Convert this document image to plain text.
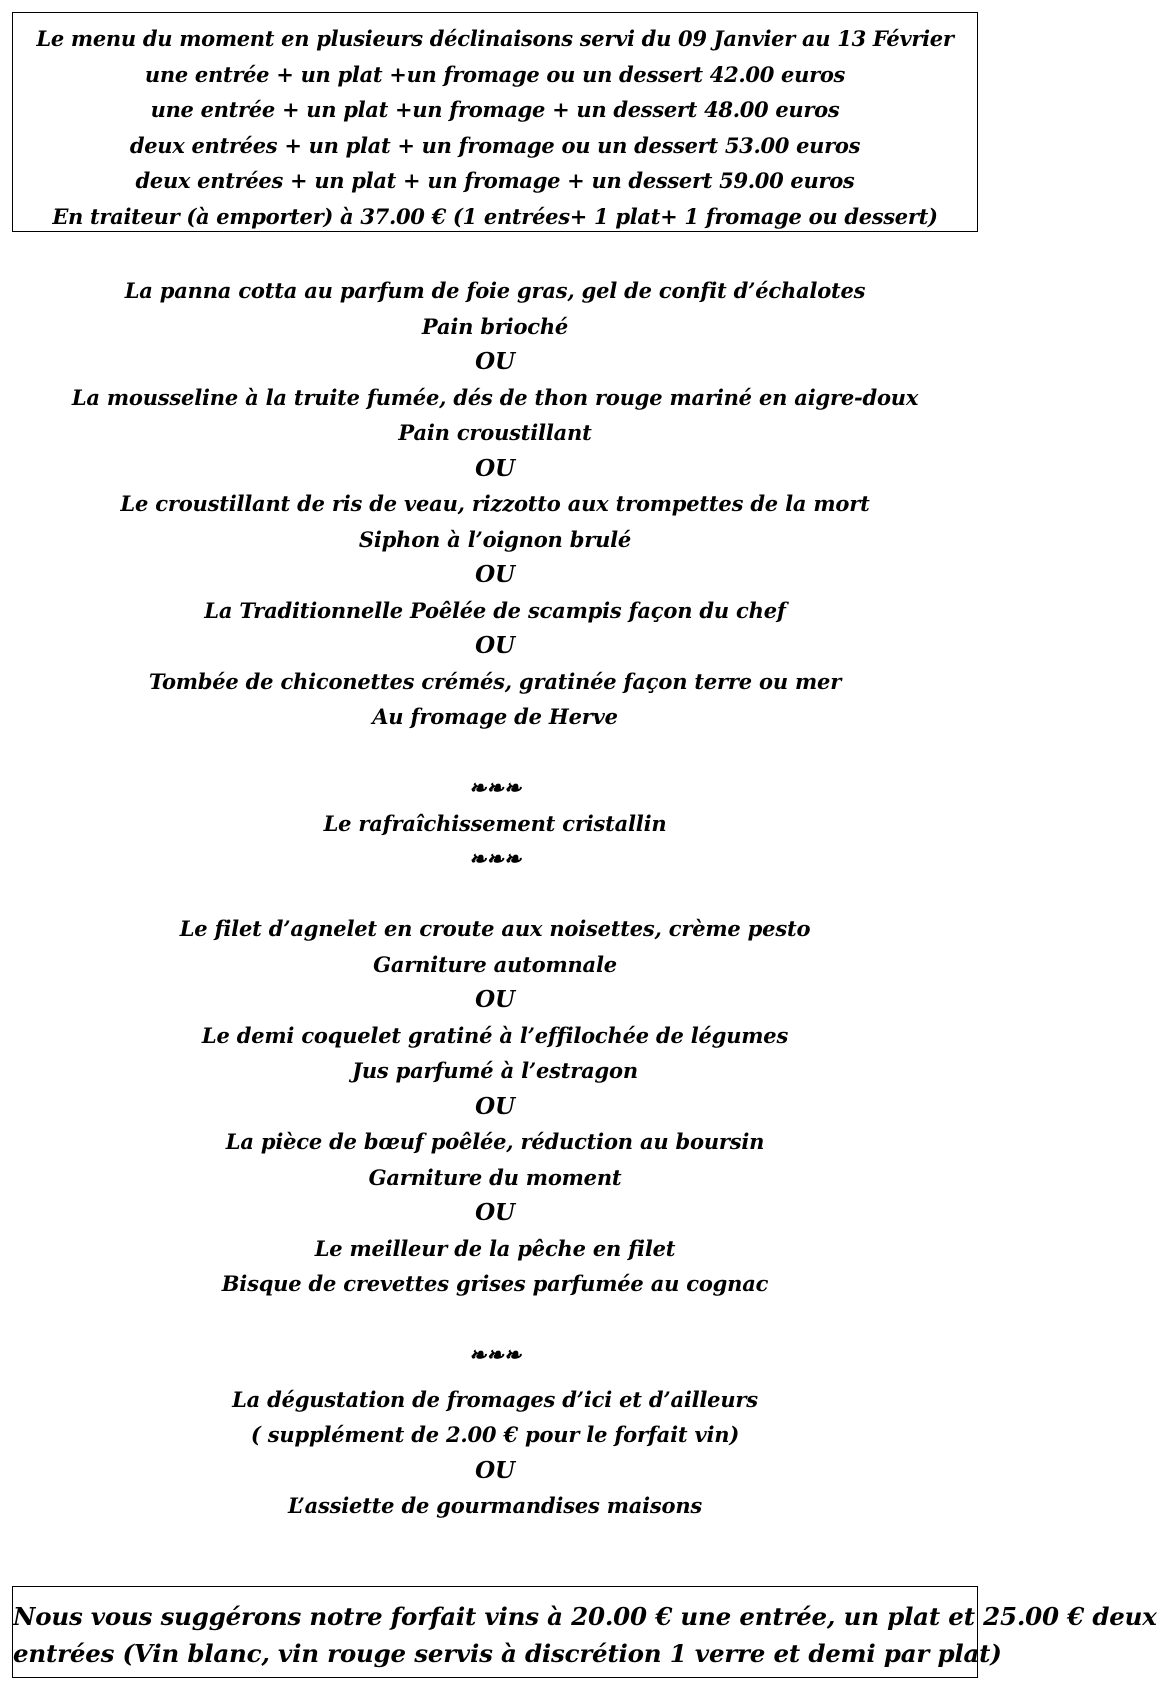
Le menu du moment en plusieurs déclinaisons servi du 09 Janvier au 13 Février
une entrée + un plat +un fromage ou un dessert 42.00 euros
une entrée + un plat +un fromage + un dessert 48.00 euros
deux entrées + un plat + un fromage ou un dessert 53.00 euros
deux entrées + un plat + un fromage + un dessert 59.00 euros
En traiteur (à emporter) à 37.00 € (1 entrées+ 1 plat+ 1 fromage ou dessert)
La panna cotta au parfum de foie gras, gel de confit d’échalotes
Pain brioché
OU
La mousseline à la truite fumée, dés de thon rouge mariné en aigre-doux
Pain croustillant
OU
Le croustillant de ris de veau, rizzotto aux trompettes de la mort
Siphon à l’oignon brulé
OU
La Traditionnelle Poêlée de scampis façon du chef
OU
Tombée de chiconettes crémés, gratinée façon terre ou mer
Au fromage de Herve
❧❧❧
Le rafraîchissement cristallin
❧❧❧
Le filet d’agnelet en croute aux noisettes, crème pesto
Garniture automnale
OU
Le demi coquelet gratiné à l’effilochée de légumes
Jus parfumé à l’estragon
OU
La pièce de bœuf poêlée, réduction au boursin
Garniture du moment
OU
Le meilleur de la pêche en filet
Bisque de crevettes grises parfumée au cognac
❧❧❧
La dégustation de fromages d’ici et d’ailleurs
( supplément de 2.00 € pour le forfait vin)
OU
L’assiette de gourmandises maisons
Nous vous suggérons notre forfait vins à 20.00 € une entrée, un plat et 25.00 € deux
entrées (Vin blanc, vin rouge servis à discrétion 1 verre et demi par plat)
